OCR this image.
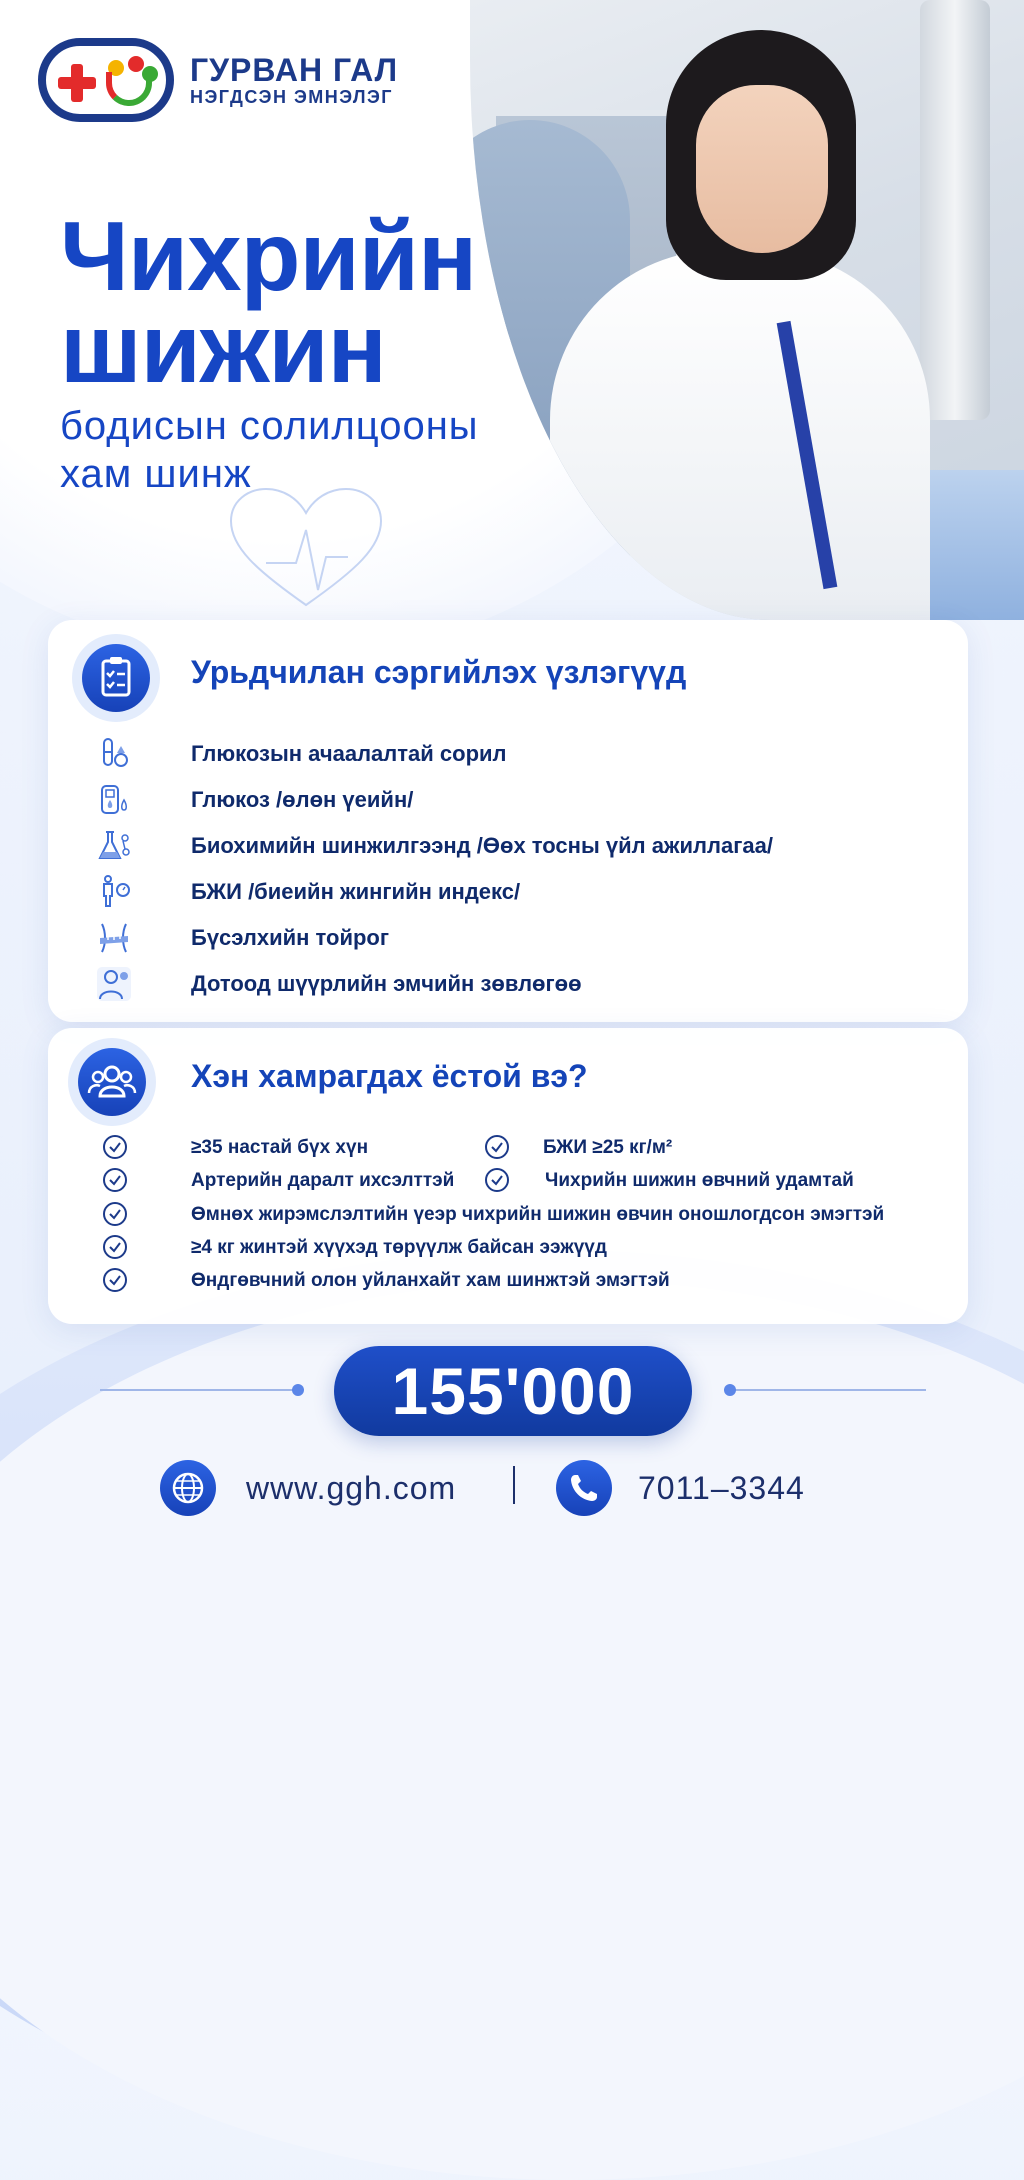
ГУРВАН ГАЛ
НЭГДСЭН ЭМНЭЛЭГ
Чихрийн
шижин
бодисын солилцооны
хам шинж
Урьдчилан сэргийлэх үзлэгүүд
Глюкозын ачаалалтай сорил
Глюкоз /өлөн үеийн/
Биохимийн шинжилгээнд /Өөх тосны үйл ажиллагаа/
БЖИ /биеийн жингийн индекс/
Бүсэлхийн тойрог
Дотоод шүүрлийн эмчийн зөвлөгөө
Хэн хамрагдах ёстой вэ?
≥35 настай бүх хүн	БЖИ ≥25 кг/м²
Артерийн даралт ихсэлттэй	Чихрийн шижин өвчний удамтай
Өмнөх жирэмслэлтийн үеэр чихрийн шижин өвчин оношлогдсон эмэгтэй
≥4 кг жинтэй хүүхэд төрүүлж байсан ээжүүд
Өндгөвчний олон уйланхайт хам шинжтэй эмэгтэй
155'000
www.ggh.com	7011–3344
